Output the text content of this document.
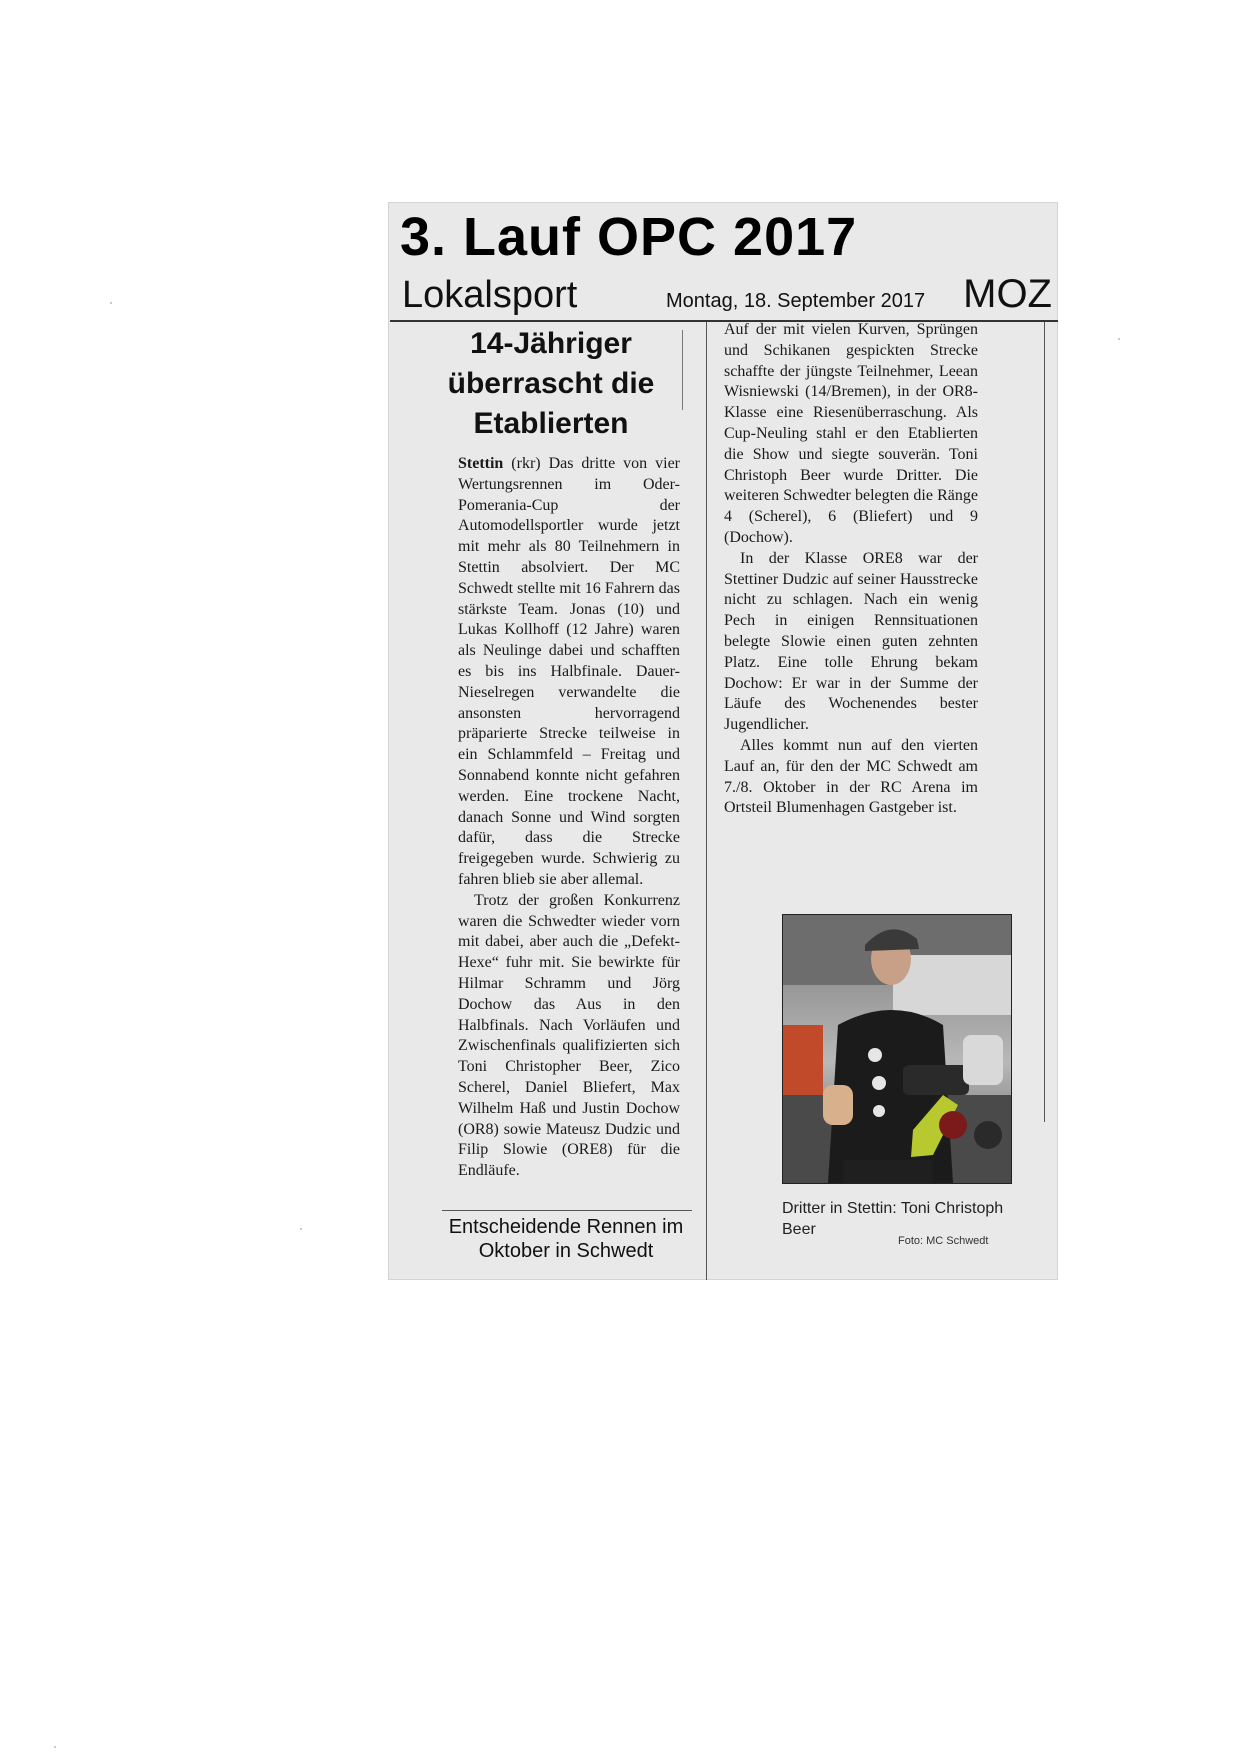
3. Lauf OPC 2017
Lokalsport	Montag, 18. September 2017 MOZ
14-Jähriger überrascht die Etablierten

Stettin (rkr) Das dritte von vier Wertungsrennen im Oder-Pomerania-Cup der Automodellsportler wurde jetzt mit mehr als 80 Teilnehmern in Stettin absolviert. Der MC Schwedt stellte mit 16 Fahrern das stärkste Team. Jonas (10) und Lukas Kollhoff (12 Jahre) waren als Neulinge dabei und schafften es bis ins Halbfinale. Dauer-Nieselregen verwandelte die ansonsten hervorragend präparierte Strecke teilweise in ein Schlammfeld – Freitag und Sonnabend konnte nicht gefahren werden. Eine trockene Nacht, danach Sonne und Wind sorgten dafür, dass die Strecke freigegeben wurde. Schwierig zu fahren blieb sie aber allemal.

Trotz der großen Konkurrenz waren die Schwedter wieder vorn mit dabei, aber auch die „Defekt-Hexe“ fuhr mit. Sie bewirkte für Hilmar Schramm und Jörg Dochow das Aus in den Halbfinals. Nach Vorläufen und Zwischenfinals qualifizierten sich Toni Christopher Beer, Zico Scherel, Daniel Bliefert, Max Wilhelm Haß und Justin Dochow (OR8) sowie Mateusz Dudzic und Filip Slowie (ORE8) für die Endläufe.

Entscheidende Rennen im Oktober in Schwedt

Auf der mit vielen Kurven, Sprüngen und Schikanen gespickten Strecke schaffte der jüngste Teilnehmer, Leean Wisniewski (14/Bremen), in der OR8-Klasse eine Riesenüberraschung. Als Cup-Neuling stahl er den Etablierten die Show und siegte souverän. Toni Christoph Beer wurde Dritter. Die weiteren Schwedter belegten die Ränge 4 (Scherel), 6 (Bliefert) und 9 (Dochow).

In der Klasse ORE8 war der Stettiner Dudzic auf seiner Hausstrecke nicht zu schlagen. Nach ein wenig Pech in einigen Rennsituationen belegte Slowie einen guten zehnten Platz. Eine tolle Ehrung bekam Dochow: Er war in der Summe der Läufe des Wochenendes bester Jugendlicher.

Alles kommt nun auf den vierten Lauf an, für den der MC Schwedt am 7./8. Oktober in der RC Arena im Ortsteil Blumenhagen Gastgeber ist.

Dritter in Stettin: Toni Christoph Beer
Foto: MC Schwedt
